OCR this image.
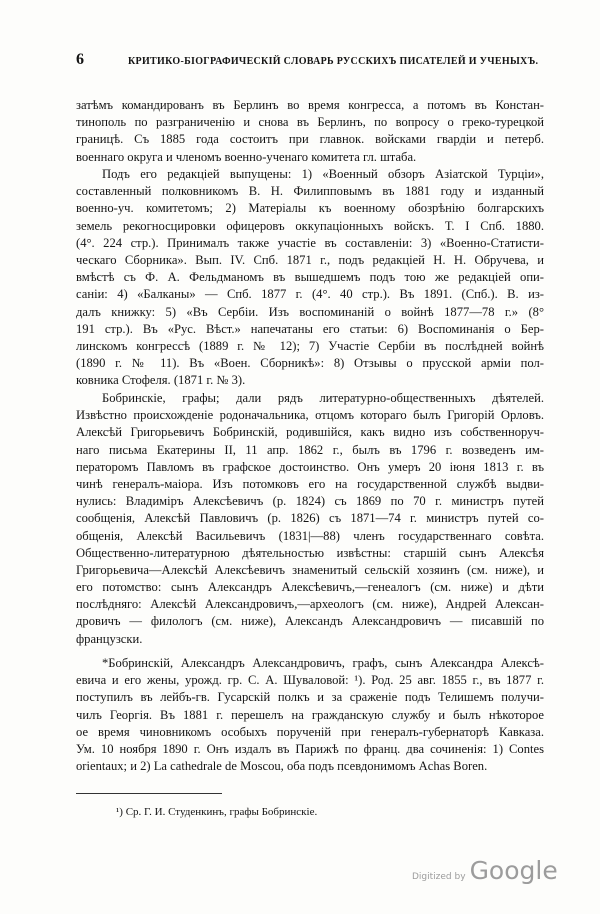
6	КРИТИКО-БІОГРАФИЧЕСКІЙ СЛОВАРЬ РУССКИХЪ ПИСАТЕЛЕЙ И УЧЕНЫХЪ.
затѣмъ командированъ въ Берлинъ во время конгресса, а потомъ въ Констан-
тинополь по разграниченію и снова въ Берлинъ, по вопросу о греко-турецкой
границѣ. Съ 1885 года состоитъ при главнок. войсками гвардіи и петерб.
военнаго округа и членомъ военно-ученаго комитета гл. штаба.
Подъ его редакціей выпущены: 1) «Военный обзоръ Азіатской Турціи»,
составленный полковникомъ В. Н. Филипповымъ въ 1881 году и изданный
военно-уч. комитетомъ; 2) Матеріалы къ военному обозрѣнію болгарскихъ
земель рекогносцировки офицеровъ оккупаціонныхъ войскъ. Т. I Спб. 1880.
(4°. 224 стр.). Принималъ также участіе въ составленіи: 3) «Военно-Статисти-
ческаго Сборника». Вып. IV. Спб. 1871 г., подъ редакціей Н. Н. Обручева, и
вмѣстѣ съ Ф. А. Фельдманомъ въ вышедшемъ подъ тою же редакціей опи-
саніи: 4) «Балканы» — Спб. 1877 г. (4°. 40 стр.). Въ 1891. (Спб.). В. из-
далъ книжку: 5) «Въ Сербіи. Изъ воспоминаній о войнѣ 1877—78 г.» (8°
191 стр.). Въ «Рус. Вѣст.» напечатаны его статьи: 6) Воспоминанія о Бер-
линскомъ конгрессѣ (1889 г. № 12); 7) Участіе Сербіи въ послѣдней войнѣ
(1890 г. № 11). Въ «Воен. Сборникѣ»: 8) Отзывы о прусской арміи пол-
ковника Стофеля. (1871 г. № 3).
Бобринскіе, графы; дали рядъ литературно-общественныхъ дѣятелей.
Извѣстно происхожденіе родоначальника, отцомъ котораго былъ Григорій Орловъ.
Алексѣй Григорьевичъ Бобринскій, родившійся, какъ видно изъ собственноруч-
наго письма Екатерины II, 11 апр. 1862 г., былъ въ 1796 г. возведенъ им-
ператоромъ Павломъ въ графское достоинство. Онъ умеръ 20 іюня 1813 г. въ
чинѣ генералъ-маіора. Изъ потомковъ его на государственной службѣ выдви-
нулись: Владиміръ Алексѣевичъ (р. 1824) съ 1869 по 70 г. министръ путей
сообщенія, Алексѣй Павловичъ (р. 1826) съ 1871—74 г. министръ путей со-
общенія, Алексѣй Васильевичъ (1831|—88) членъ государственнаго совѣта.
Общественно-литературною дѣятельностью извѣстны: старшій сынъ Алексѣя
Григорьевича—Алексѣй Алексѣевичъ знаменитый сельскій хозяинъ (см. ниже), и
его потомство: сынъ Александръ Алексѣевичъ,—генеалогъ (см. ниже) и дѣти
послѣдняго: Алексѣй Александровичъ,—археологъ (см. ниже), Андрей Алексан-
дровичъ — филологъ (см. ниже), Александъ Александровичъ — писавшій по
французски.
*Бобринскій, Александръ Александровичъ, графъ, сынъ Александра Алексѣ-
евича и его жены, урожд. гр. С. А. Шуваловой: ¹). Род. 25 авг. 1855 г., въ 1877 г.
поступилъ въ лейбъ-гв. Гусарскій полкъ и за сраженіе подъ Телишемъ получи-
чилъ Георгія. Въ 1881 г. перешелъ на гражданскую службу и былъ нѣкоторое
ое время чиновникомъ особыхъ порученій при генералъ-губернаторѣ Кавказа.
Ум. 10 ноября 1890 г. Онъ издалъ въ Парижѣ по франц. два сочиненія: 1) Contes
orientaux; и 2) La cathedrale de Moscou, оба подъ псевдонимомъ Achas Boren.
¹) Ср. Г. И. Студенкинъ, графы Бобринскіе.
Digitized by Google
